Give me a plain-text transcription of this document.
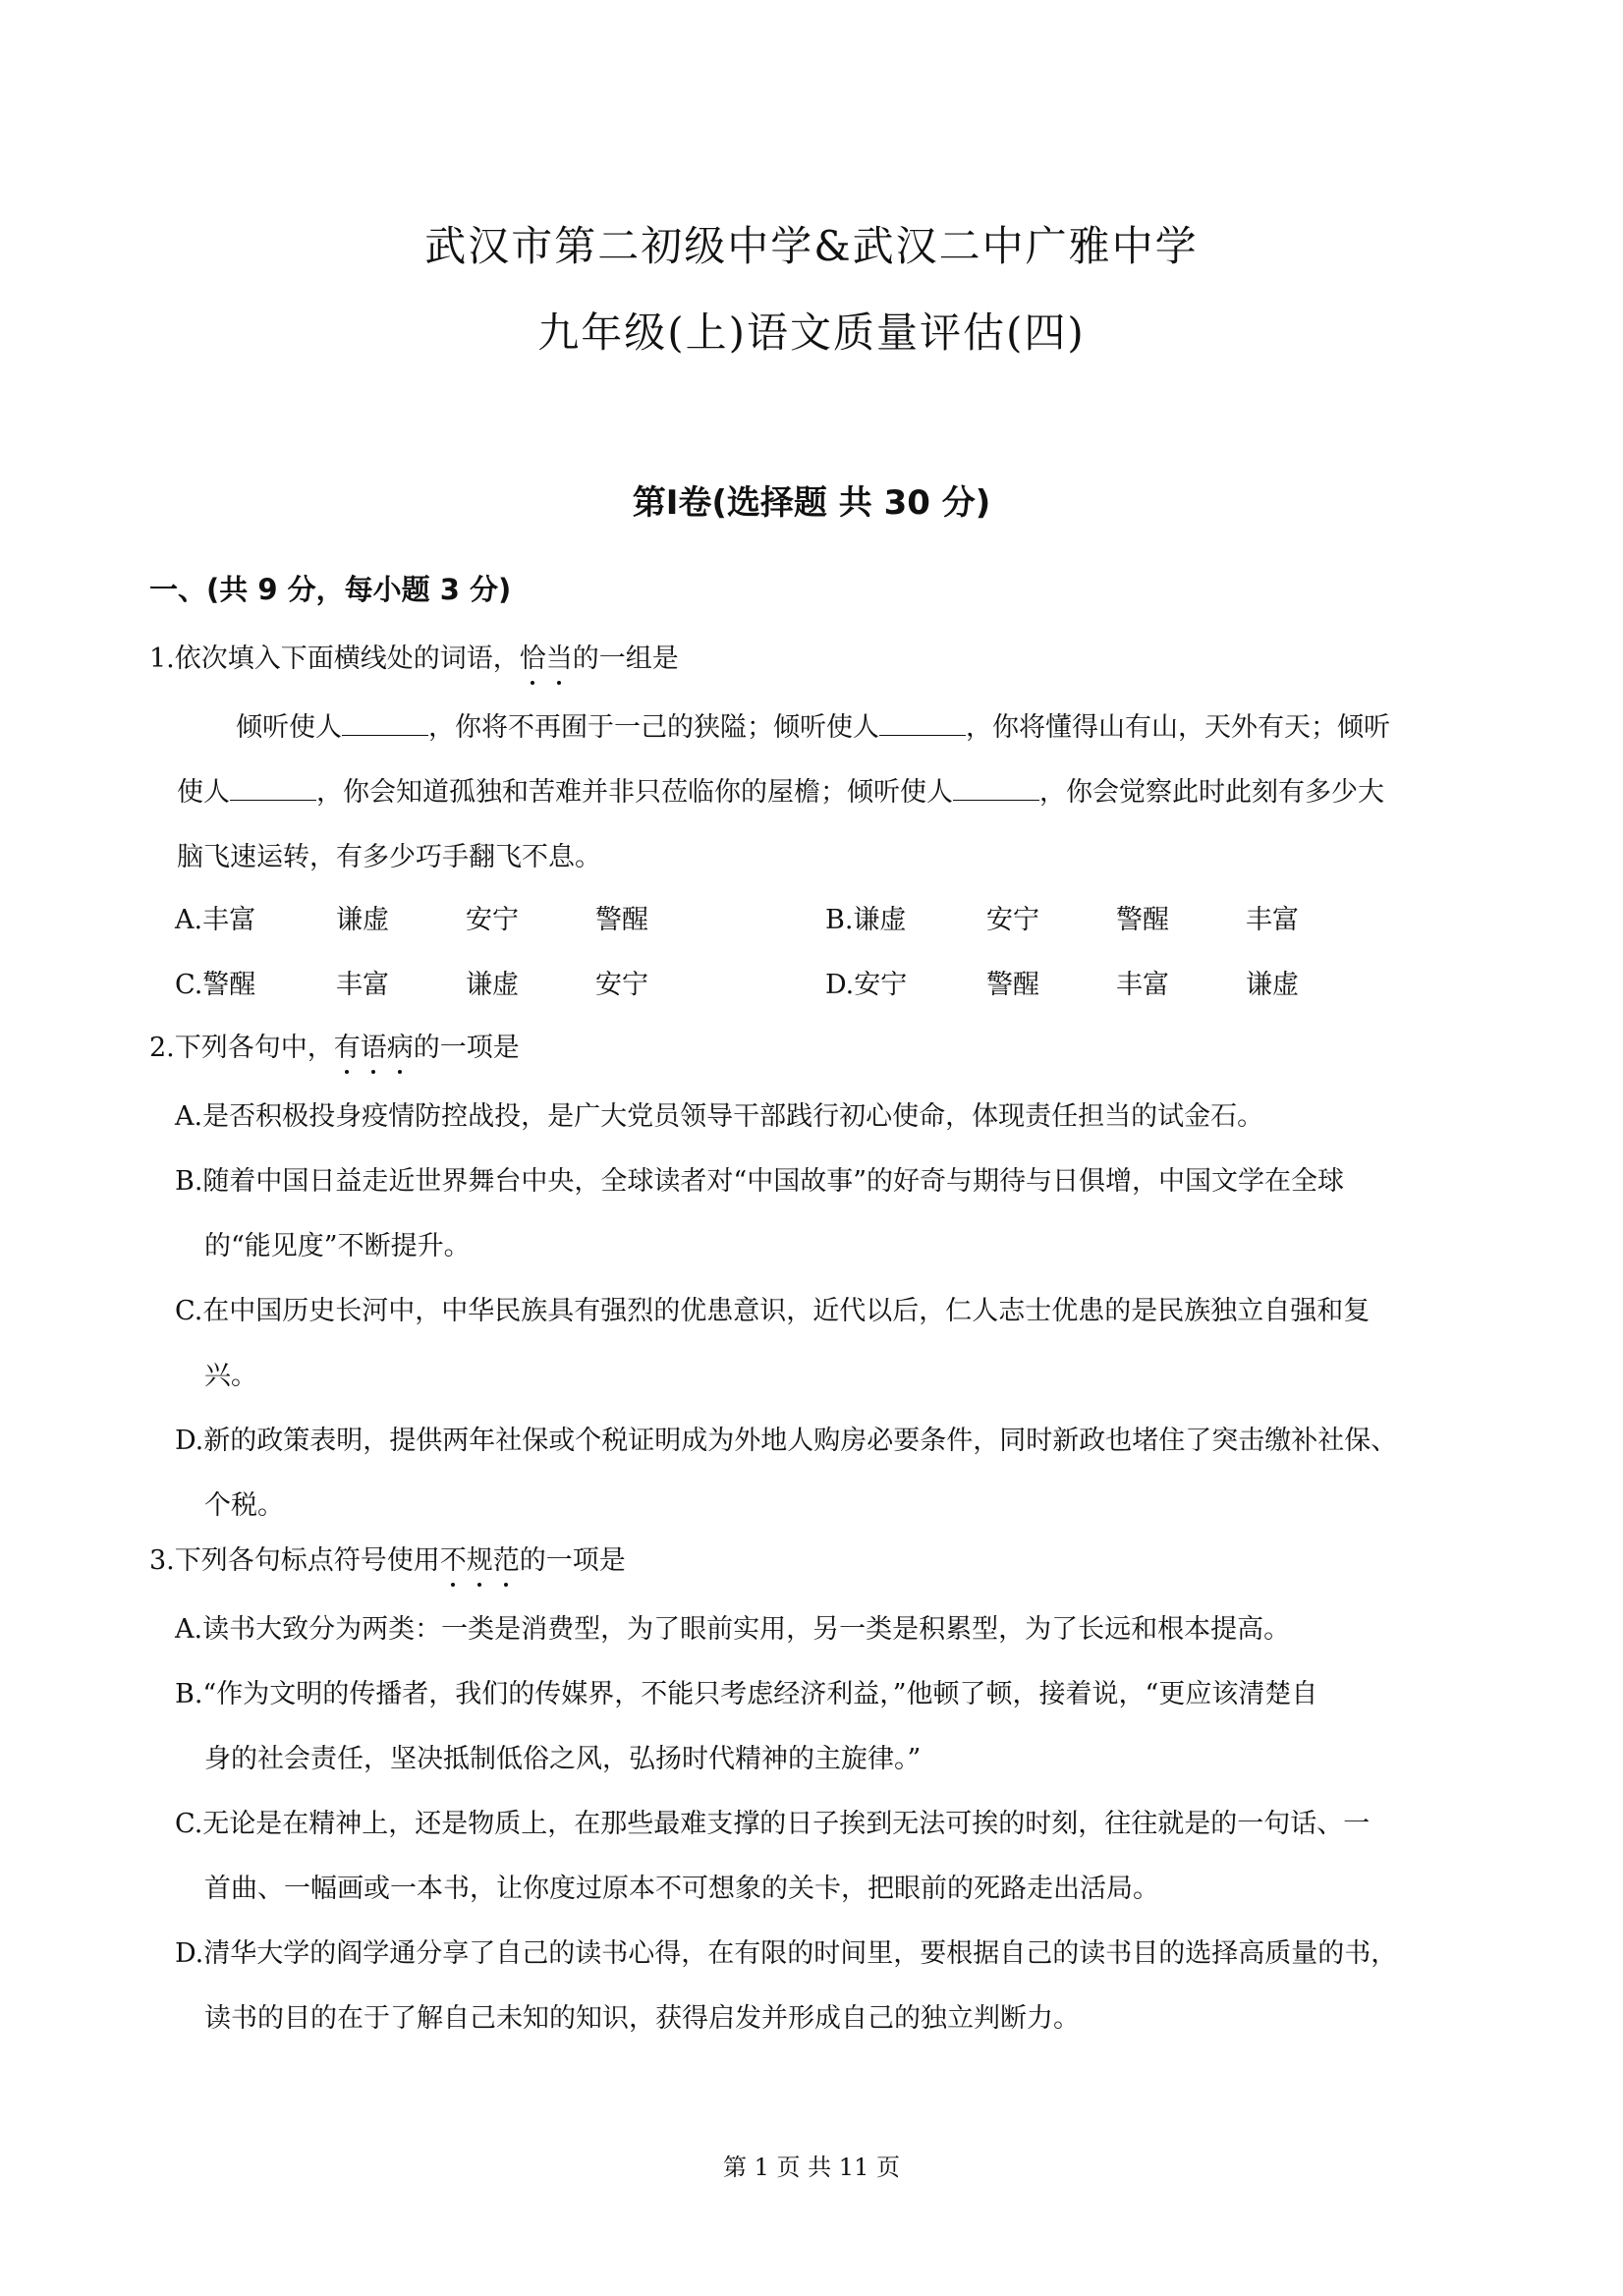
武汉市第二初级中学&武汉二中广雅中学
九年级(上)语文质量评估(四)
第Ⅰ卷(选择题 共 30 分)
一、(共 9 分，每小题 3 分)
1.依次填入下面横线处的词语，恰当的一组是
倾听使人	，你将不再囿于一己的狭隘；倾听使人	，你将懂得山有山，天外有天；倾听
使人	，你会知道孤独和苦难并非只莅临你的屋檐；倾听使人	，你会觉察此时此刻有多少大
脑飞速运转，有多少巧手翻飞不息。
A.丰富	谦虚	安宁	警醒	B.谦虚	安宁	警醒	丰富
C.警醒	丰富	谦虚	安宁	D.安宁	警醒	丰富	谦虚
2.下列各句中，有语病的一项是
A.是否积极投身疫情防控战投，是广大党员领导干部践行初心使命，体现责任担当的试金石。
B.随着中国日益走近世界舞台中央，全球读者对“中国故事”的好奇与期待与日俱增，中国文学在全球
的“能见度”不断提升。
C.在中国历史长河中，中华民族具有强烈的优患意识，近代以后，仁人志士优患的是民族独立自强和复
兴。
D.新的政策表明，提供两年社保或个税证明成为外地人购房必要条件，同时新政也堵住了突击缴补社保、
个税。
3.下列各句标点符号使用不规范的一项是
A.读书大致分为两类：一类是消费型，为了眼前实用，另一类是积累型，为了长远和根本提高。
B.“作为文明的传播者，我们的传媒界，不能只考虑经济利益，”他顿了顿，接着说，“更应该清楚自
身的社会责任，坚决抵制低俗之风，弘扬时代精神的主旋律。”
C.无论是在精神上，还是物质上，在那些最难支撑的日子挨到无法可挨的时刻，往往就是的一句话、一
首曲、一幅画或一本书，让你度过原本不可想象的关卡，把眼前的死路走出活局。
D.清华大学的阎学通分享了自己的读书心得，在有限的时间里，要根据自己的读书目的选择高质量的书，
读书的目的在于了解自己未知的知识，获得启发并形成自己的独立判断力。
第 1 页 共 11 页
